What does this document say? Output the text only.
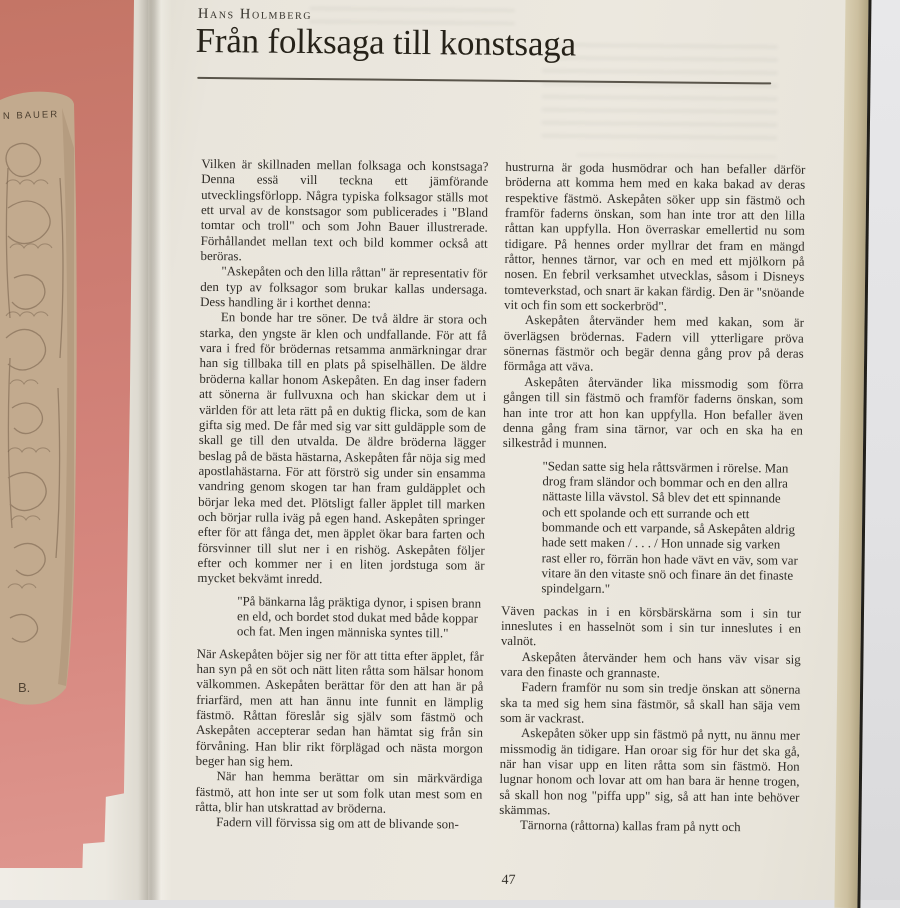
N BAUER
B.
Hans Holmberg
Från folksaga till konstsaga

Vilken är skillnaden mellan folksaga och konstsaga? Denna essä vill teckna ett jämförande utvecklingsförlopp. Några typiska folksagor ställs mot ett urval av de konstsagor som publicerades i "Bland tomtar och troll" och som John Bauer illustrerade. Förhållandet mellan text och bild kommer också att beröras.

"Askepåten och den lilla råttan" är representativ för den typ av folksagor som brukar kallas undersaga. Dess handling är i korthet denna:

En bonde har tre söner. De två äldre är stora och starka, den yngste är klen och undfallande. För att få vara i fred för brödernas retsamma anmärkningar drar han sig tillbaka till en plats på spiselhällen. De äldre bröderna kallar honom Askepåten. En dag inser fadern att sönerna är fullvuxna och han skickar dem ut i världen för att leta rätt på en duktig flicka, som de kan gifta sig med. De får med sig var sitt guldäpple som de skall ge till den utvalda. De äldre bröderna lägger beslag på de bästa hästarna, Askepåten får nöja sig med apostlahästarna. För att förströ sig under sin ensamma vandring genom skogen tar han fram guldäpplet och börjar leka med det. Plötsligt faller äpplet till marken och börjar rulla iväg på egen hand. Askepåten springer efter för att fånga det, men äpplet ökar bara farten och försvinner till slut ner i en rishög. Askepåten följer efter och kommer ner i en liten jordstuga som är mycket bekvämt inredd.

"På bänkarna låg präktiga dynor, i spisen brann en eld, och bordet stod dukat med både koppar och fat. Men ingen människa syntes till."

När Askepåten böjer sig ner för att titta efter äpplet, får han syn på en söt och nätt liten råtta som hälsar honom välkommen. Askepåten berättar för den att han är på friarfärd, men att han ännu inte funnit en lämplig fästmö. Råttan föreslår sig själv som fästmö och Askepåten accepterar sedan han hämtat sig från sin förvåning. Han blir rikt förplägad och nästa morgon beger han sig hem.

När han hemma berättar om sin märkvärdiga fästmö, att hon inte ser ut som folk utan mest som en råtta, blir han utskrattad av bröderna.

Fadern vill förvissa sig om att de blivande son-

hustrurna är goda husmödrar och han befaller därför bröderna att komma hem med en kaka bakad av deras respektive fästmö. Askepåten söker upp sin fästmö och framför faderns önskan, som han inte tror att den lilla råttan kan uppfylla. Hon överraskar emellertid nu som tidigare. På hennes order myllrar det fram en mängd råttor, hennes tärnor, var och en med ett mjölkorn på nosen. En febril verksamhet utvecklas, såsom i Disneys tomteverkstad, och snart är kakan färdig. Den är "snöande vit och fin som ett sockerbröd".

Askepåten återvänder hem med kakan, som är överlägsen brödernas. Fadern vill ytterligare pröva sönernas fästmör och begär denna gång prov på deras förmåga att väva.

Askepåten återvänder lika missmodig som förra gången till sin fästmö och framför faderns önskan, som han inte tror att hon kan uppfylla. Hon befaller även denna gång fram sina tärnor, var och en ska ha en silkestråd i munnen.

"Sedan satte sig hela råttsvärmen i rörelse. Man drog fram sländor och bommar och en den allra nättaste lilla vävstol. Så blev det ett spinnande och ett spolande och ett surrande och ett bommande och ett varpande, så Askepåten aldrig hade sett maken / . . . / Hon unnade sig varken rast eller ro, förrän hon hade vävt en väv, som var vitare än den vitaste snö och finare än det finaste spindelgarn."

Väven packas in i en körsbärskärna som i sin tur inneslutes i en hasselnöt som i sin tur inneslutes i en valnöt.

Askepåten återvänder hem och hans väv visar sig vara den finaste och grannaste.

Fadern framför nu som sin tredje önskan att sönerna ska ta med sig hem sina fästmör, så skall han säja vem som är vackrast.

Askepåten söker upp sin fästmö på nytt, nu ännu mer missmodig än tidigare. Han oroar sig för hur det ska gå, när han visar upp en liten råtta som sin fästmö. Hon lugnar honom och lovar att om han bara är henne trogen, så skall hon nog "piffa upp" sig, så att han inte behöver skämmas.

Tärnorna (råttorna) kallas fram på nytt och

47
